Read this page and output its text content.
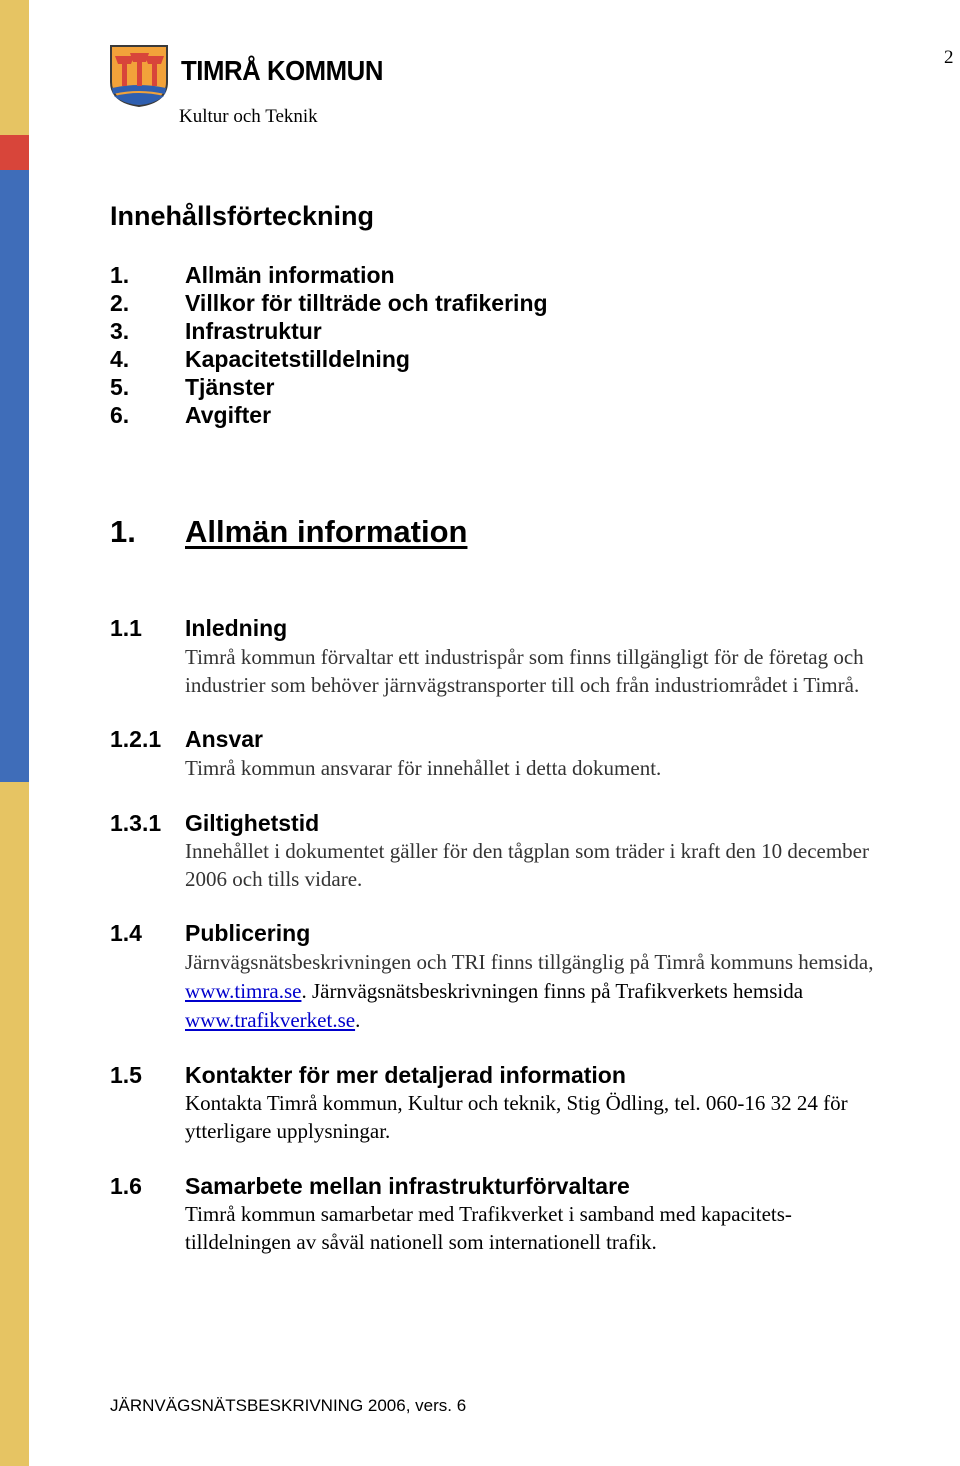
2
TIMRÅ KOMMUN
Kultur och Teknik
Innehållsförteckning
1.	Allmän information
2.	Villkor för tillträde och trafikering
3.	Infrastruktur
4.	Kapacitetstilldelning
5.	Tjänster
6.	Avgifter
1.	Allmän information
1.1	Inledning
Timrå kommun förvaltar ett industrispår som finns tillgängligt för de företag och
industrier som behöver järnvägstransporter till och från industriområdet i Timrå.
1.2.1	Ansvar
Timrå kommun ansvarar för innehållet i detta dokument.
1.3.1	Giltighetstid
Innehållet i dokumentet gäller för den tågplan som träder i kraft den 10 december
2006 och tills vidare.
1.4	Publicering
Järnvägsnätsbeskrivningen och TRI finns tillgänglig på Timrå kommuns hemsida,
www.timra.se. Järnvägsnätsbeskrivningen finns på Trafikverkets hemsida
www.trafikverket.se.
1.5	Kontakter för mer detaljerad information
Kontakta Timrå kommun, Kultur och teknik, Stig Ödling, tel. 060-16 32 24 för
ytterligare upplysningar.
1.6	Samarbete mellan infrastrukturförvaltare
Timrå kommun samarbetar med Trafikverket i samband med kapacitets-
tilldelningen av såväl nationell som internationell trafik.
JÄRNVÄGSNÄTSBESKRIVNING 2006, vers. 6
